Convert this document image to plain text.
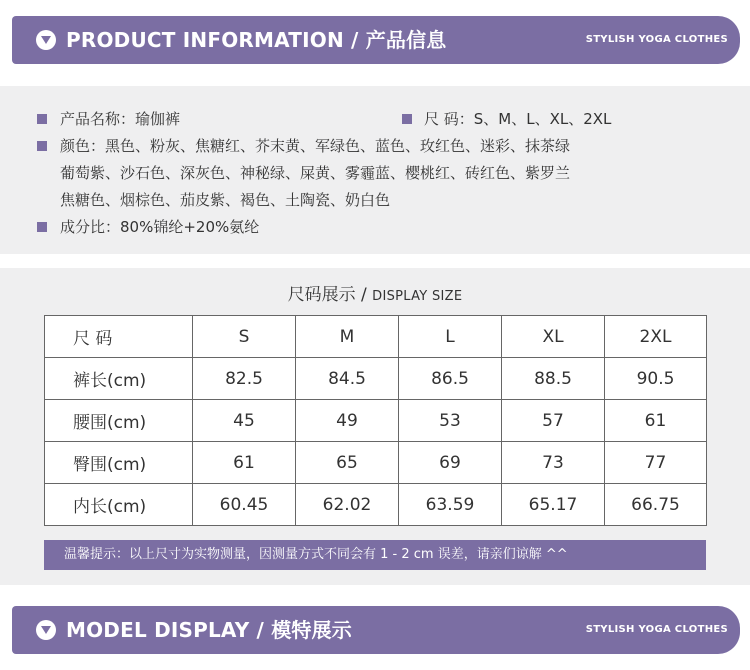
PRODUCT INFORMATION / 产品信息	STYLISH YOGA CLOTHES
产品名称：瑜伽裤	尺 码：S、M、L、XL、2XL
颜色：黑色、粉灰、焦糖红、芥末黄、军绿色、蓝色、玫红色、迷彩、抹茶绿
葡萄紫、沙石色、深灰色、神秘绿、屎黄、雾霾蓝、樱桃红、砖红色、紫罗兰
焦糖色、烟棕色、茄皮紫、褐色、土陶瓷、奶白色
成分比：80%锦纶+20%氨纶
尺码展示 / DISPLAY SIZE
尺 码	S	M	L	XL	2XL
裤长(cm)	82.5	84.5	86.5	88.5	90.5
腰围(cm)	45	49	53	57	61
臀围(cm)	61	65	69	73	77
内长(cm)	60.45	62.02	63.59	65.17	66.75
温馨提示：以上尺寸为实物测量，因测量方式不同会有 1 - 2 cm 误差，请亲们谅解 ^^
MODEL DISPLAY / 模特展示	STYLISH YOGA CLOTHES
